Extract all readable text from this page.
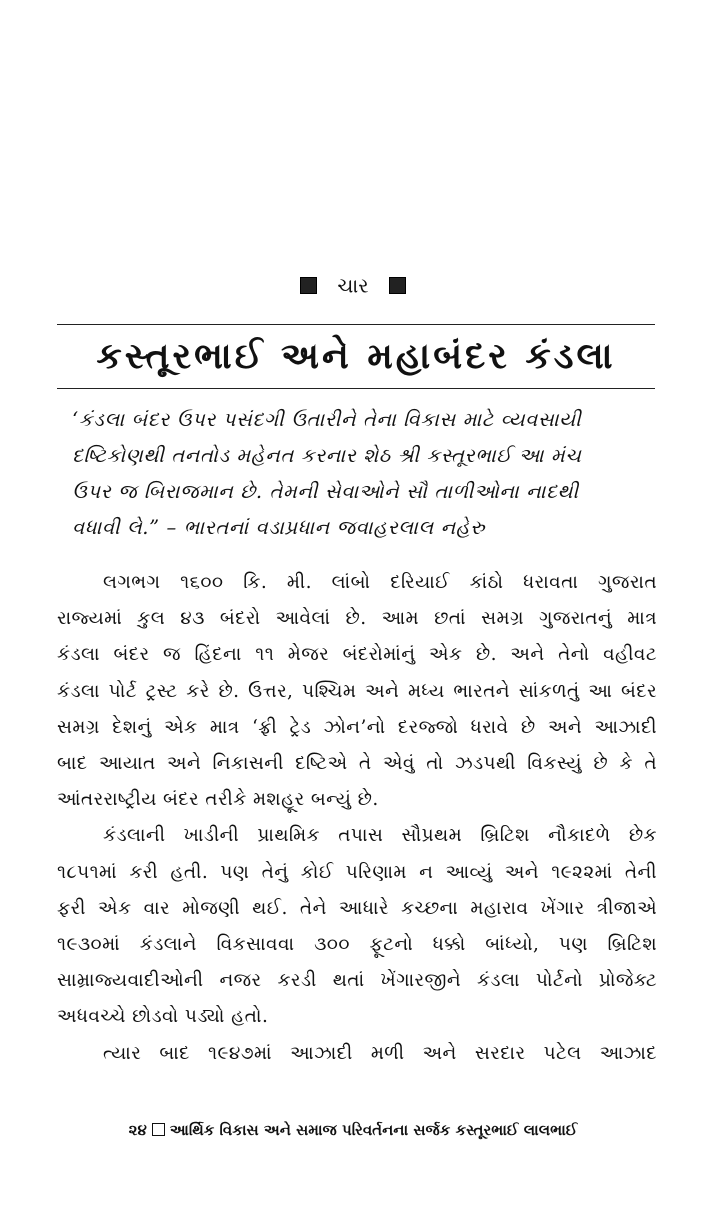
ચાર
કસ્તૂરભાઈ અને મહાબંદર કંડલા
‘કંડલા બંદર ઉપર પસંદગી ઉતારીને તેના વિકાસ માટે વ્યવસાયી
દષ્ટિકોણથી તનતોડ મહેનત કરનાર શેઠ શ્રી કસ્તૂરભાઈ આ મંચ
ઉપર જ બિરાજમાન છે. તેમની સેવાઓને સૌ તાળીઓના નાદથી
વધાવી લે.” – ભારતનાં વડાપ્રધાન જવાહરલાલ નહેરુ
લગભગ ૧૬૦૦ કિ. મી. લાંબો દરિયાઈ કાંઠો ધરાવતા ગુજરાત
રાજ્યમાં કુલ ૪૩ બંદરો આવેલાં છે. આમ છતાં સમગ્ર ગુજરાતનું માત્ર
કંડલા બંદર જ હિંદના ૧૧ મેજર બંદરોમાંનું એક છે. અને તેનો વહીવટ
કંડલા પોર્ટ ટ્રસ્ટ કરે છે. ઉત્તર, પશ્ચિમ અને મધ્ય ભારતને સાંકળતું આ બંદર
સમગ્ર દેશનું એક માત્ર ‘ફ્રી ટ્રેડ ઝોન’નો દરજ્જો ધરાવે છે અને આઝાદી
બાદ આયાત અને નિકાસની દષ્ટિએ તે એવું તો ઝડપથી વિકસ્યું છે કે તે
આંતરરાષ્ટ્રીય બંદર તરીકે મશહૂર બન્યું છે.
કંડલાની ખાડીની પ્રાથમિક તપાસ સૌપ્રથમ બ્રિટિશ નૌકાદળે છેક
૧૮૫૧માં કરી હતી. પણ તેનું કોઈ પરિણામ ન આવ્યું અને ૧૯૨૨માં તેની
ફરી એક વાર મોજણી થઈ. તેને આધારે કચ્છના મહારાવ ખેંગાર ત્રીજાએ
૧૯૩૦માં કંડલાને વિકસાવવા ૩૦૦ ફૂટનો ધક્કો બાંધ્યો, પણ બ્રિટિશ
સામ્રાજ્યવાદીઓની નજર કરડી થતાં ખેંગારજીને કંડલા પોર્ટનો પ્રોજેક્ટ
અધવચ્ચે છોડવો પડ્યો હતો.
ત્યાર બાદ ૧૯૪૭માં આઝાદી મળી અને સરદાર પટેલ આઝાદ
૨૪ આર્થિક વિકાસ અને સમાજ પરિવર્તનના સર્જક કસ્તૂરભાઈ લાલભાઈ
